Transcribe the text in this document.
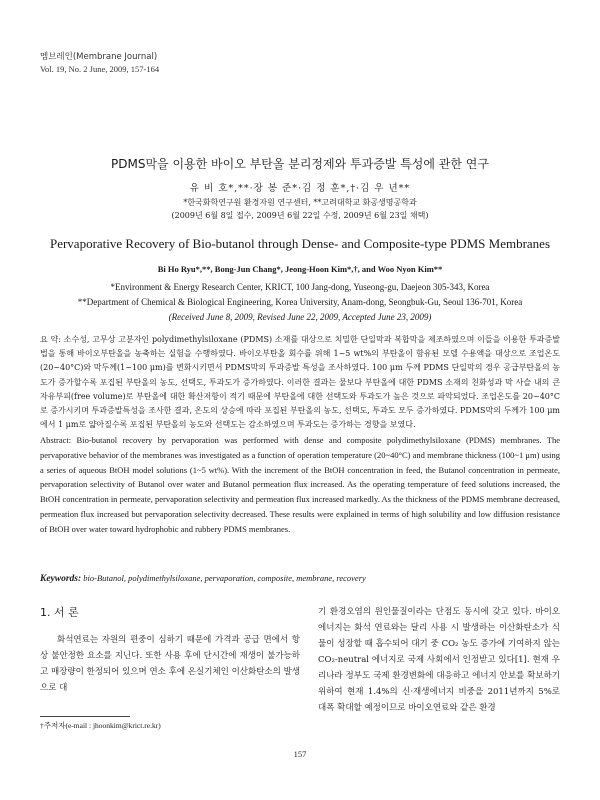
멤브레인(Membrane Journal)
Vol. 19, No. 2 June, 2009, 157-164
PDMS막을 이용한 바이오 부탄올 분리정제와 투과증발 특성에 관한 연구
유 비 호*,**·장 봉 준*·김 정 훈*,†·김 우 년**
*한국화학연구원 환경자원 연구센터, **고려대학교 화공생명공학과
(2009년 6월 8일 접수, 2009년 6월 22일 수정, 2009년 6월 23일 채택)
Pervaporative Recovery of Bio-butanol through Dense- and Composite-type PDMS Membranes
Bi Ho Ryu*,**, Bong-Jun Chang*, Jeong-Hoon Kim*,†, and Woo Nyon Kim**
*Environment & Energy Research Center, KRICT, 100 Jang-dong, Yuseong-gu, Daejeon 305-343, Korea
**Department of Chemical & Biological Engineering, Korea University, Anam-dong, Seongbuk-Gu, Seoul 136-701, Korea
(Received June 8, 2009, Revised June 22, 2009, Accepted June 23, 2009)
요 약: 소수성, 고무상 고분자인 polydimethylsiloxane (PDMS) 소재를 대상으로 치밀한 단일막과 복합막을 제조하였으며 이들을 이용한 투과증발법을 통해 바이오부탄올을 농축하는 실험을 수행하였다. 바이오부탄올 회수를 위해 1~5 wt%의 부탄올이 함유된 모델 수용액을 대상으로 조업온도(20~40°C)와 막두께(1~100 μm)를 변화시키면서 PDMS막의 투과증발 특성을 조사하였다. 100 μm 두께 PDMS 단일막의 경우 공급부탄올의 농도가 증가할수록 포집된 부탄올의 농도, 선택도, 투과도가 증가하였다. 이러한 결과는 물보다 부탄올에 대한 PDMS 소재의 친화성과 막 사슬 내의 큰 자유부피(free volume)로 부탄올에 대한 확산저항이 적기 때문에 부탄올에 대한 선택도와 투과도가 높은 것으로 파악되었다. 조업온도를 20~40°C로 증가시키며 투과증발특성을 조사한 결과, 온도의 상승에 따라 포집된 부탄올의 농도, 선택도, 투과도 모두 증가하였다. PDMS막의 두께가 100 μm에서 1 μm로 얇아질수록 포집된 부탄올의 농도와 선택도는 감소하였으며 투과도는 증가하는 경향을 보였다.
Abstract: Bio-butanol recovery by pervaporation was performed with dense and composite polydimethylsiloxane (PDMS) membranes. The pervaporative behavior of the membranes was investigated as a function of operation temperature (20~40°C) and membrane thickness (100~1 μm) using a series of aqueous BtOH model solutions (1~5 wt%). With the increment of the BtOH concentration in feed, the Butanol concentration in permeate, pervaporation selectivity of Butanol over water and Butanol permeation flux increased. As the operating temperature of feed solutions increased, the BtOH concentration in permeate, pervaporation selectivity and permeation flux increased markedly. As the thickness of the PDMS membrane decreased, permeation flux increased but pervaporation selectivity decreased. These results were explained in terms of high solubility and low diffusion resistance of BtOH over water toward hydrophobic and rubbery PDMS membranes.
Keywords: bio-Butanol, polydimethylsiloxane, pervaporation, composite, membrane, recovery
1. 서 론
화석연료는 자원의 편중이 심하기 때문에 가격과 공급 면에서 항상 불안정한 요소를 지닌다. 또한 사용 후에 단시간에 재생이 불가능하고 매장량이 한정되어 있으며 연소 후에 온실기체인 이산화탄소의 발생으로 대
기 환경오염의 원인물질이라는 단점도 동시에 갖고 있다. 바이오에너지는 화석 연료와는 달리 사용 시 발생하는 이산화탄소가 식물이 성장할 때 흡수되어 대기 중 CO₂ 농도 증가에 기여하지 않는 CO₂-neutral 에너지로 국제 사회에서 인정받고 있다[1]. 현재 우리나라 정부도 국제 환경변화에 대응하고 에너지 안보를 확보하기 위하여 현재 1.4%의 신·재생에너지 비중을 2011년까지 5%로 대폭 확대할 예정이므로 바이오연료와 같은 환경
†주저자(e-mail : jhoonkim@krict.re.kr)
157
